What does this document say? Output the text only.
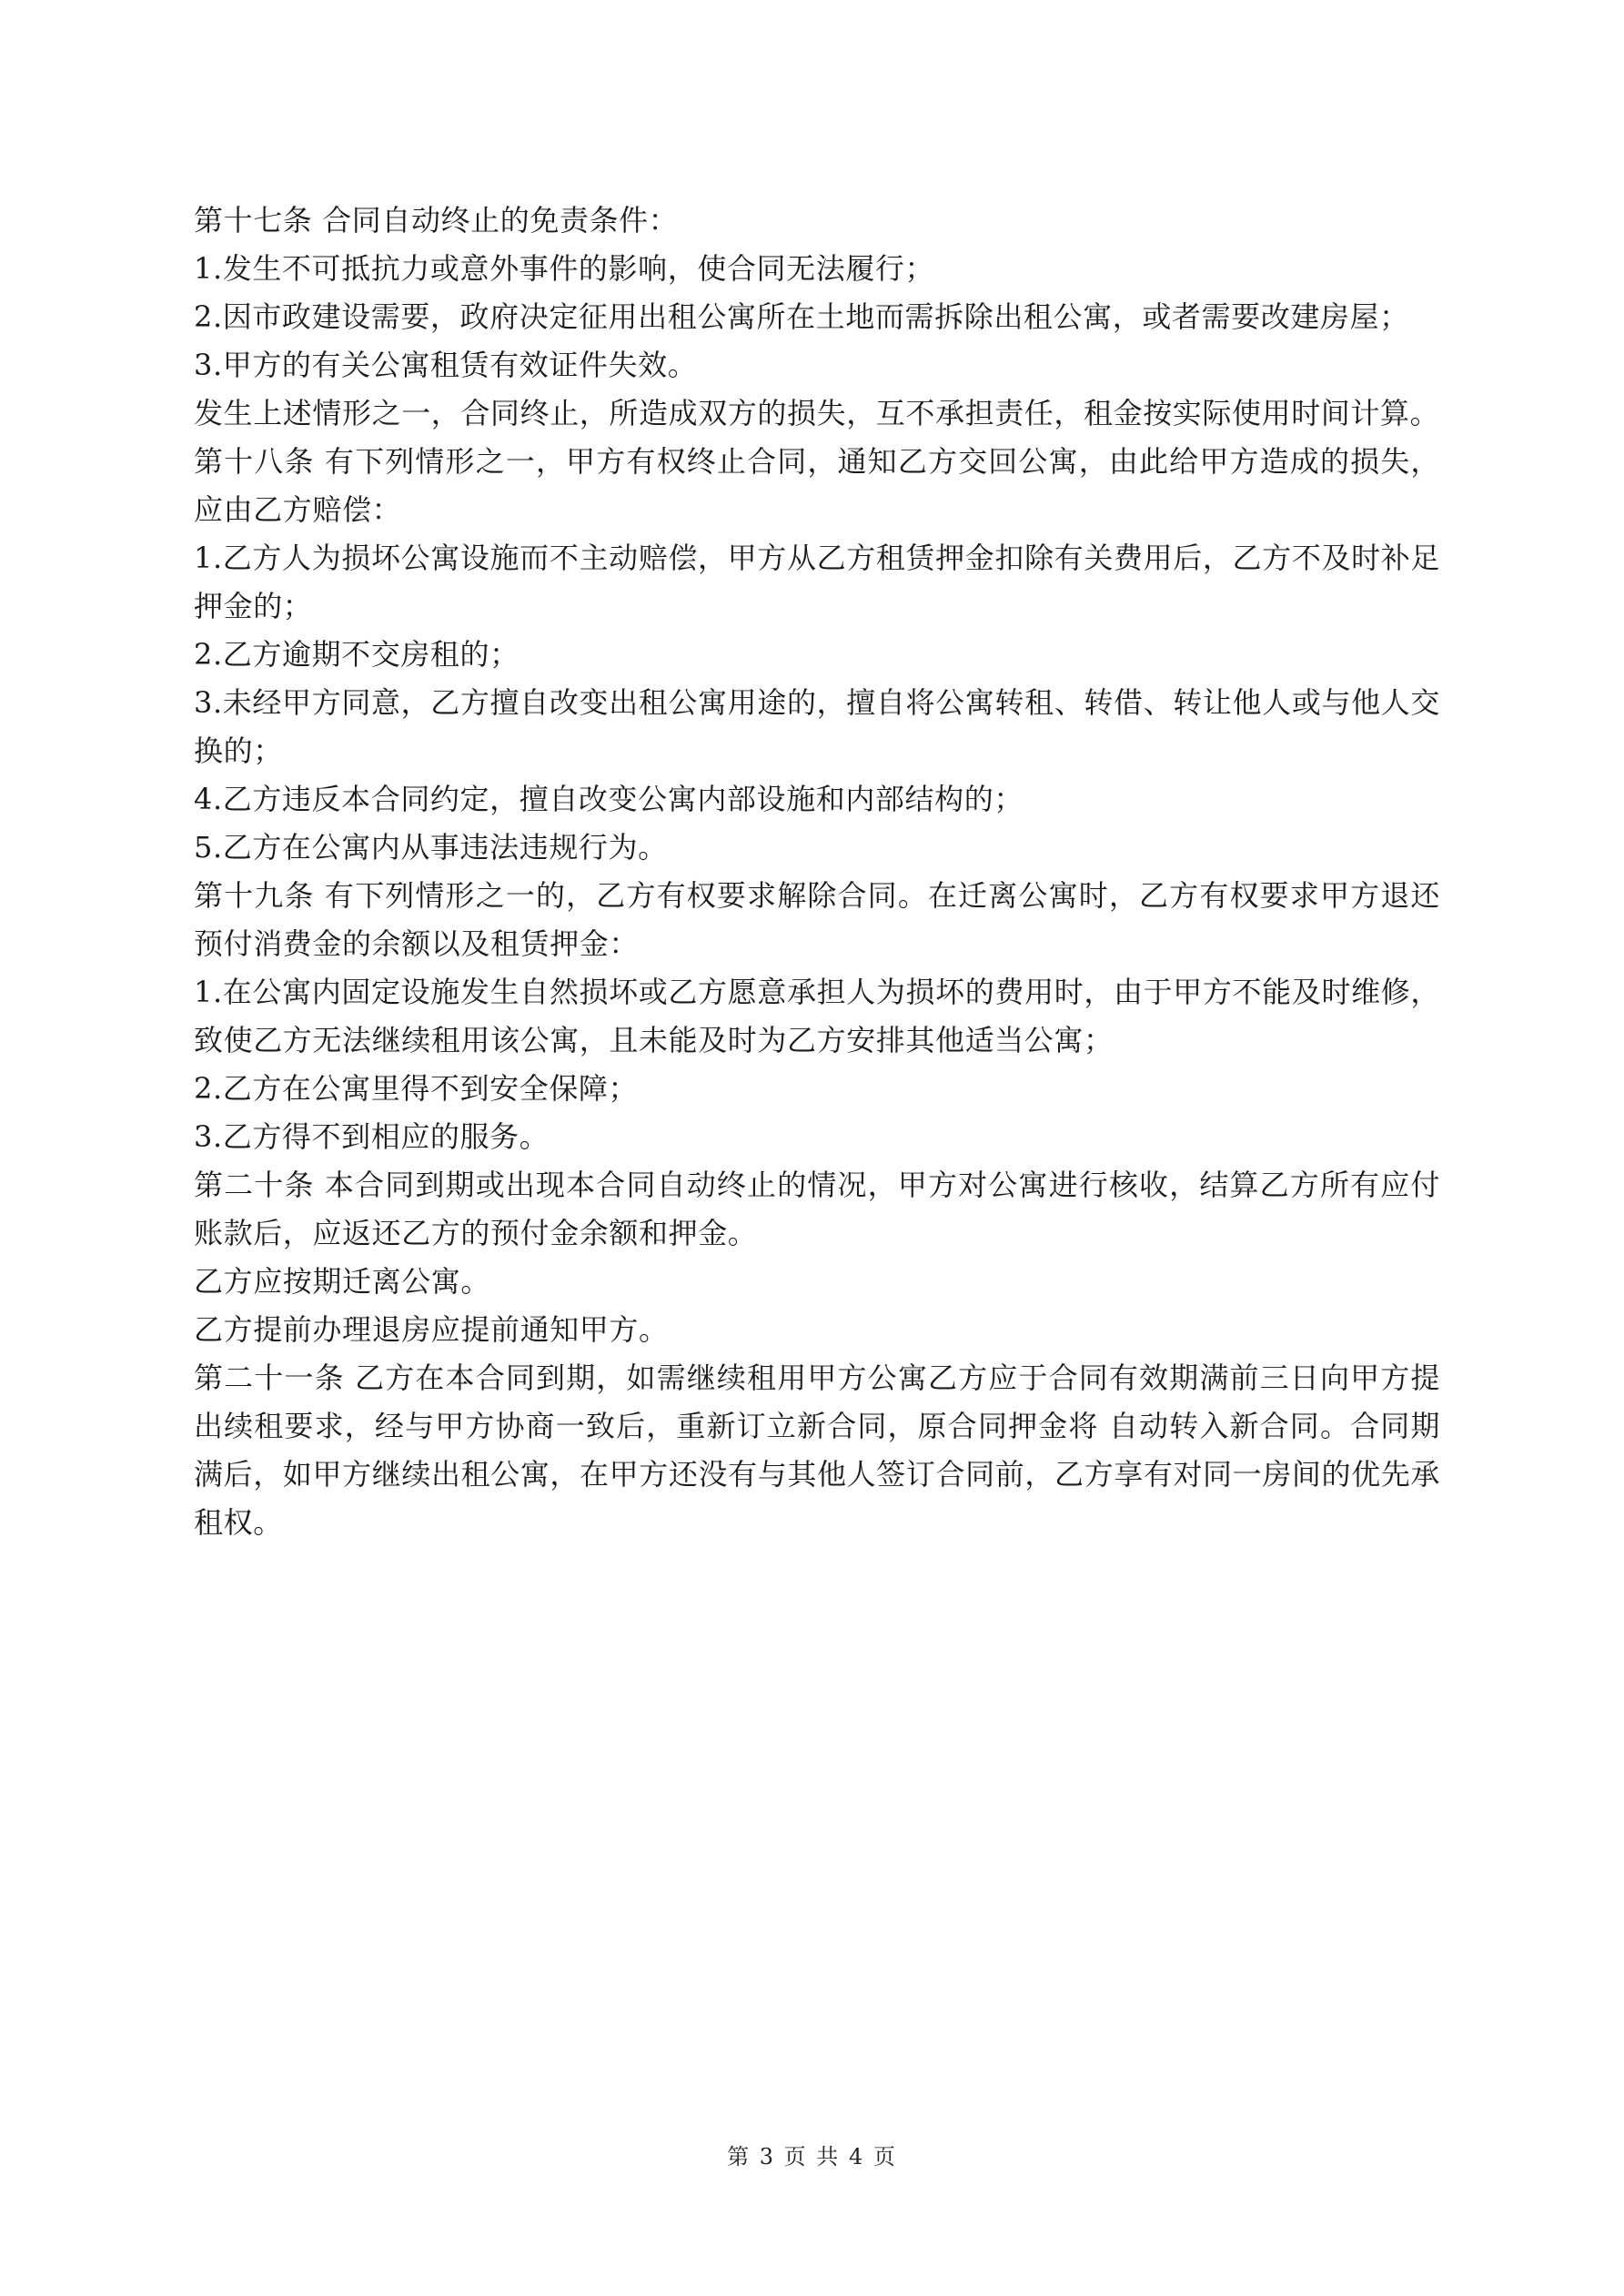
第十七条 合同自动终止的免责条件：

1.发生不可抵抗力或意外事件的影响，使合同无法履行；

2.因市政建设需要，政府决定征用出租公寓所在土地而需拆除出租公寓，或者需要改建房屋；

3.甲方的有关公寓租赁有效证件失效。

发生上述情形之一，合同终止，所造成双方的损失，互不承担责任，租金按实际使用时间计算。

第十八条 有下列情形之一，甲方有权终止合同，通知乙方交回公寓，由此给甲方造成的损失，应由乙方赔偿：

1.乙方人为损坏公寓设施而不主动赔偿，甲方从乙方租赁押金扣除有关费用后，乙方不及时补足押金的；

2.乙方逾期不交房租的；

3.未经甲方同意，乙方擅自改变出租公寓用途的，擅自将公寓转租、转借、转让他人或与他人交换的；

4.乙方违反本合同约定，擅自改变公寓内部设施和内部结构的；

5.乙方在公寓内从事违法违规行为。

第十九条 有下列情形之一的，乙方有权要求解除合同。在迁离公寓时，乙方有权要求甲方退还预付消费金的余额以及租赁押金：

1.在公寓内固定设施发生自然损坏或乙方愿意承担人为损坏的费用时，由于甲方不能及时维修，致使乙方无法继续租用该公寓，且未能及时为乙方安排其他适当公寓；

2.乙方在公寓里得不到安全保障；

3.乙方得不到相应的服务。

第二十条 本合同到期或出现本合同自动终止的情况，甲方对公寓进行核收，结算乙方所有应付账款后，应返还乙方的预付金余额和押金。

乙方应按期迁离公寓。

乙方提前办理退房应提前通知甲方。

第二十一条 乙方在本合同到期，如需继续租用甲方公寓乙方应于合同有效期满前三日向甲方提出续租要求，经与甲方协商一致后，重新订立新合同，原合同押金将 自动转入新合同。合同期满后，如甲方继续出租公寓，在甲方还没有与其他人签订合同前，乙方享有对同一房间的优先承租权。

第 3 页 共 4 页
